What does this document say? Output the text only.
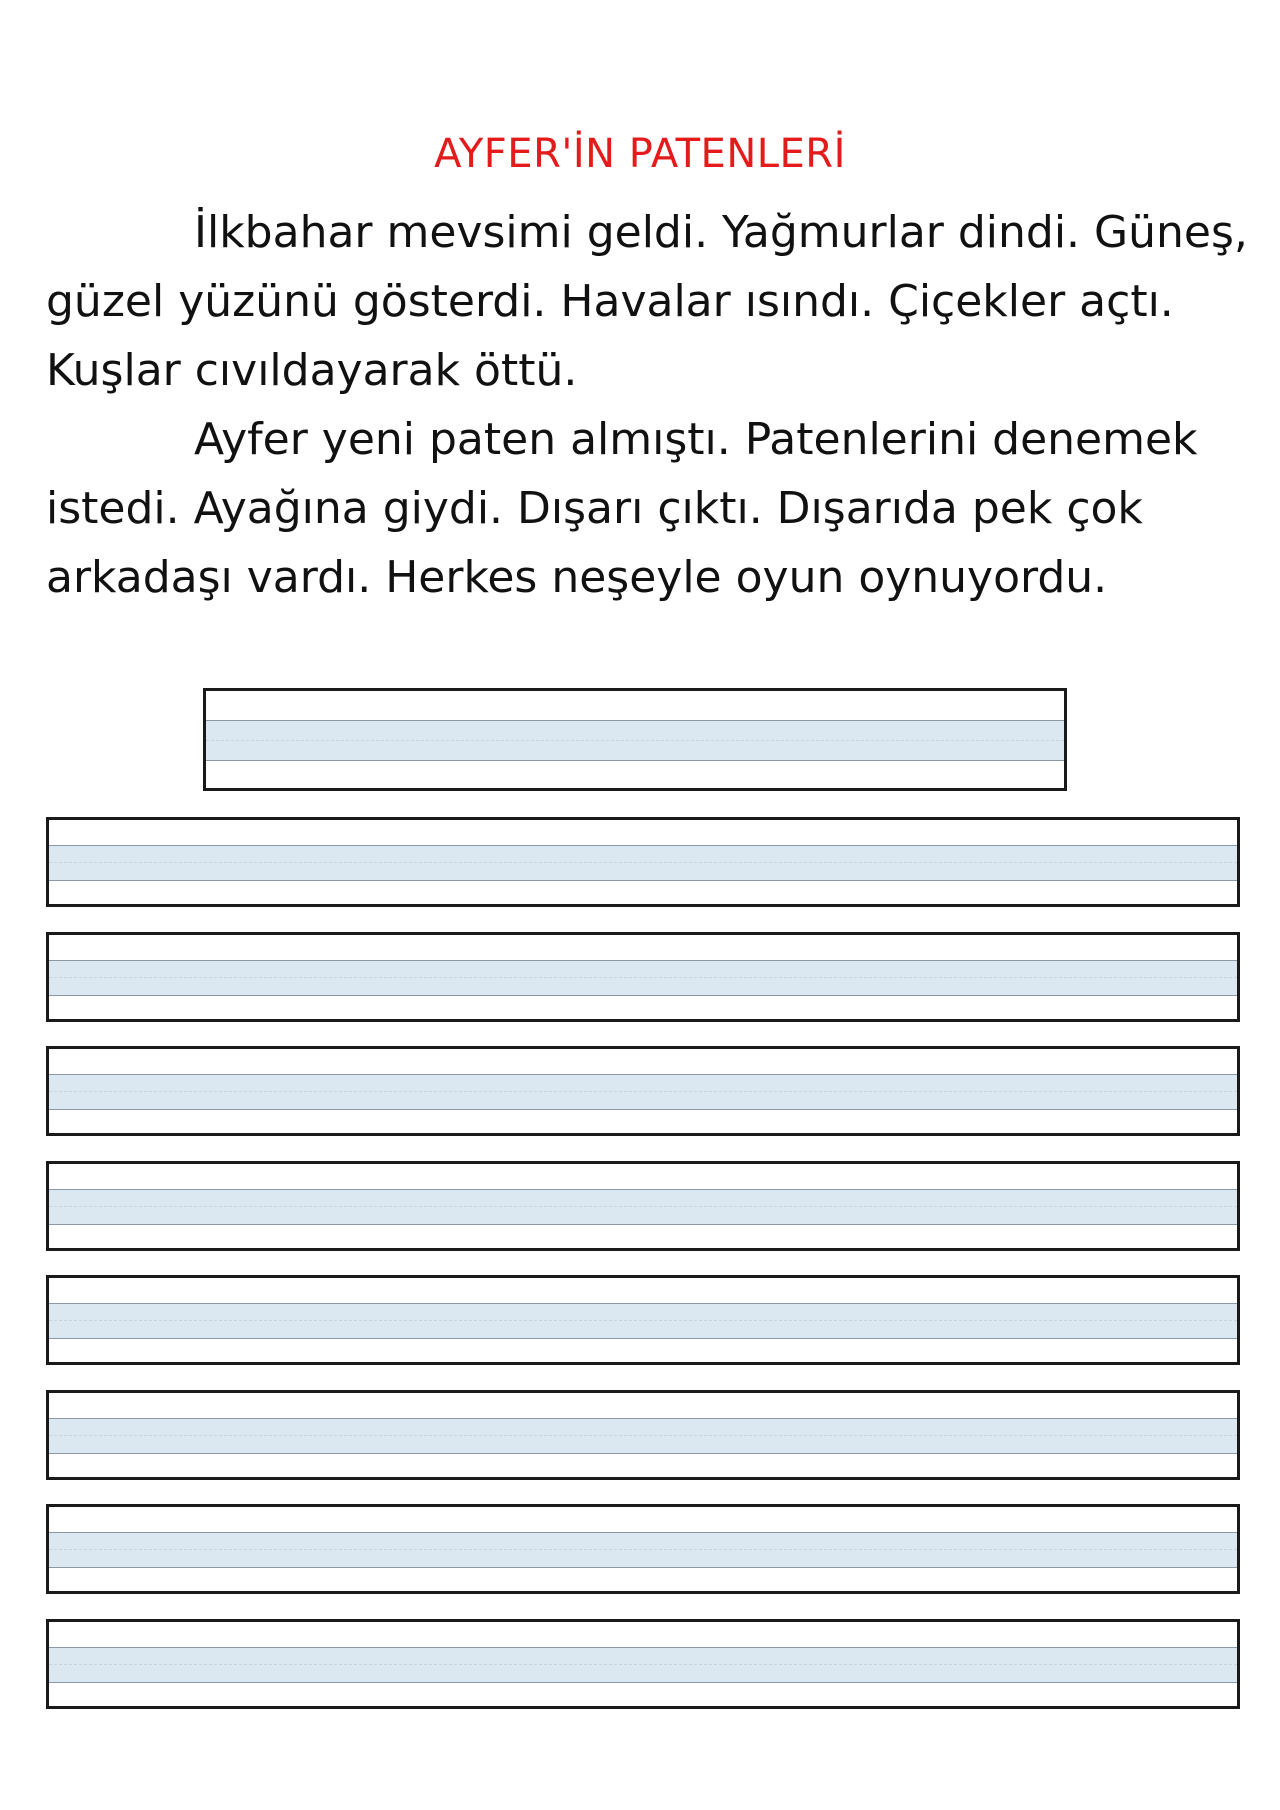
AYFER'İN PATENLERİ
İlkbahar mevsimi geldi. Yağmurlar dindi. Güneş,
güzel yüzünü gösterdi. Havalar ısındı. Çiçekler açtı.
Kuşlar cıvıldayarak öttü.
Ayfer yeni paten almıştı. Patenlerini denemek
istedi. Ayağına giydi. Dışarı çıktı. Dışarıda pek çok
arkadaşı vardı. Herkes neşeyle oyun oynuyordu.
